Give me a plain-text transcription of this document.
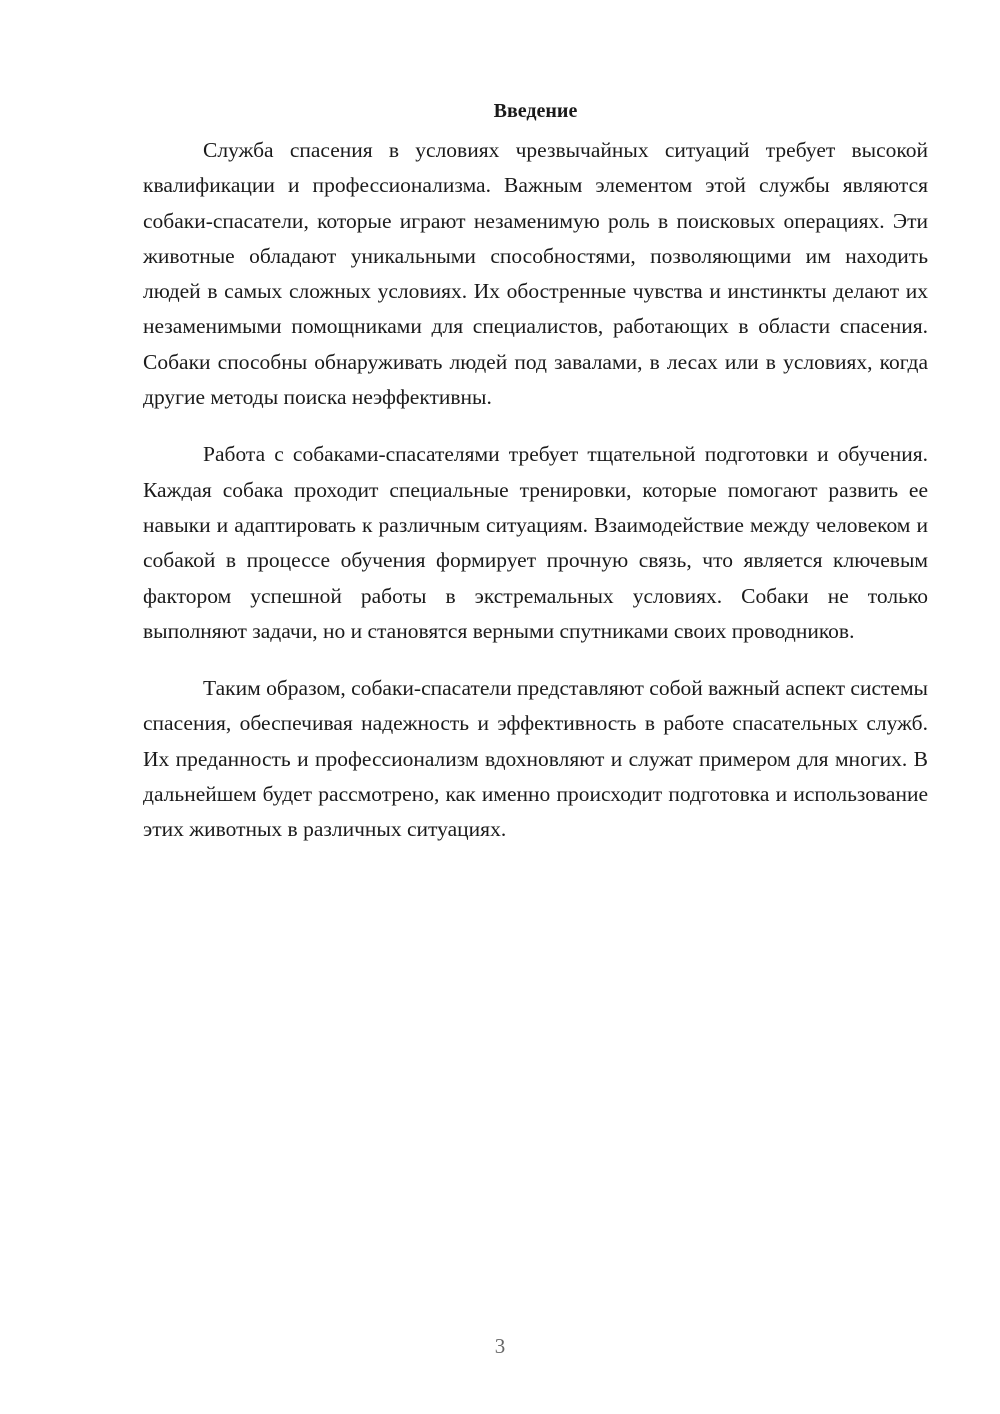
Введение

Служба спасения в условиях чрезвычайных ситуаций требует высокой квалификации и профессионализма. Важным элементом этой службы являются собаки-спасатели, которые играют незаменимую роль в поисковых операциях. Эти животные обладают уникальными способностями, позволяющими им находить людей в самых сложных условиях. Их обостренные чувства и инстинкты делают их незаменимыми помощниками для специалистов, работающих в области спасения. Собаки способны обнаруживать людей под завалами, в лесах или в условиях, когда другие методы поиска неэффективны.

Работа с собаками-спасателями требует тщательной подготовки и обучения. Каждая собака проходит специальные тренировки, которые помогают развить ее навыки и адаптировать к различным ситуациям. Взаимодействие между человеком и собакой в процессе обучения формирует прочную связь, что является ключевым фактором успешной работы в экстремальных условиях. Собаки не только выполняют задачи, но и становятся верными спутниками своих проводников.

Таким образом, собаки-спасатели представляют собой важный аспект системы спасения, обеспечивая надежность и эффективность в работе спасательных служб. Их преданность и профессионализм вдохновляют и служат примером для многих. В дальнейшем будет рассмотрено, как именно происходит подготовка и использование этих животных в различных ситуациях.

3
